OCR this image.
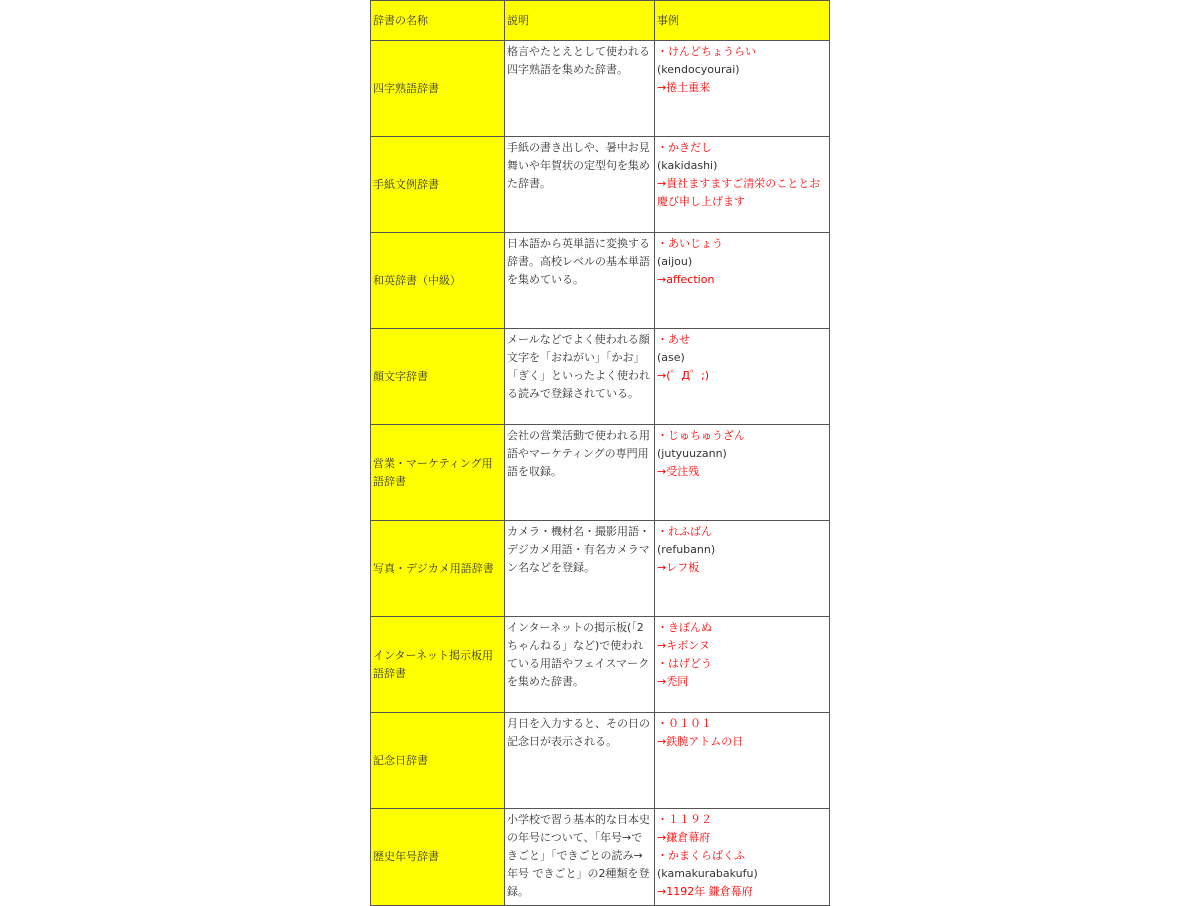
辞書の名称	説明	事例
四字熟語辞書	格言やたとえとして使われる四字熟語を集めた辞書。	・けんどちょうらい
(kendocyourai)
→捲土重来

手紙文例辞書	手紙の書き出しや、暑中お見舞いや年賀状の定型句を集めた辞書。	・かきだし
(kakidashi)
→貴社ますますご清栄のこととお慶び申し上げます

和英辞書（中級）	日本語から英単語に変換する辞書。高校レベルの基本単語を集めている。	・あいじょう
(aijou)
→affection

顔文字辞書	メールなどでよく使われる顔文字を「おねがい」「かお」「ぎく」といったよく使われる読みで登録されている。	・あせ
(ase)
→(゜Д゜;)

営業・マーケティング用語辞書	会社の営業活動で使われる用語やマーケティングの専門用語を収録。	・じゅちゅうざん
(jutyuuzann)
→受注残

写真・デジカメ用語辞書	カメラ・機材名・撮影用語・デジカメ用語・有名カメラマン名などを登録。	・れふばん
(refubann)
→レフ板

インターネット掲示板用語辞書	インターネットの掲示板(「2ちゃんねる」など)で使われている用語やフェイスマークを集めた辞書。	・きぼんぬ
→キボンヌ
・はげどう
→禿同

記念日辞書	月日を入力すると、その日の記念日が表示される。	・０１０１
→鉄腕アトムの日

歴史年号辞書	小学校で習う基本的な日本史の年号について、「年号→できごと」「できごとの読み→年号 できごと」の2種類を登録。	・１１９２
→鎌倉幕府
・かまくらばくふ
(kamakurabakufu)
→1192年 鎌倉幕府
